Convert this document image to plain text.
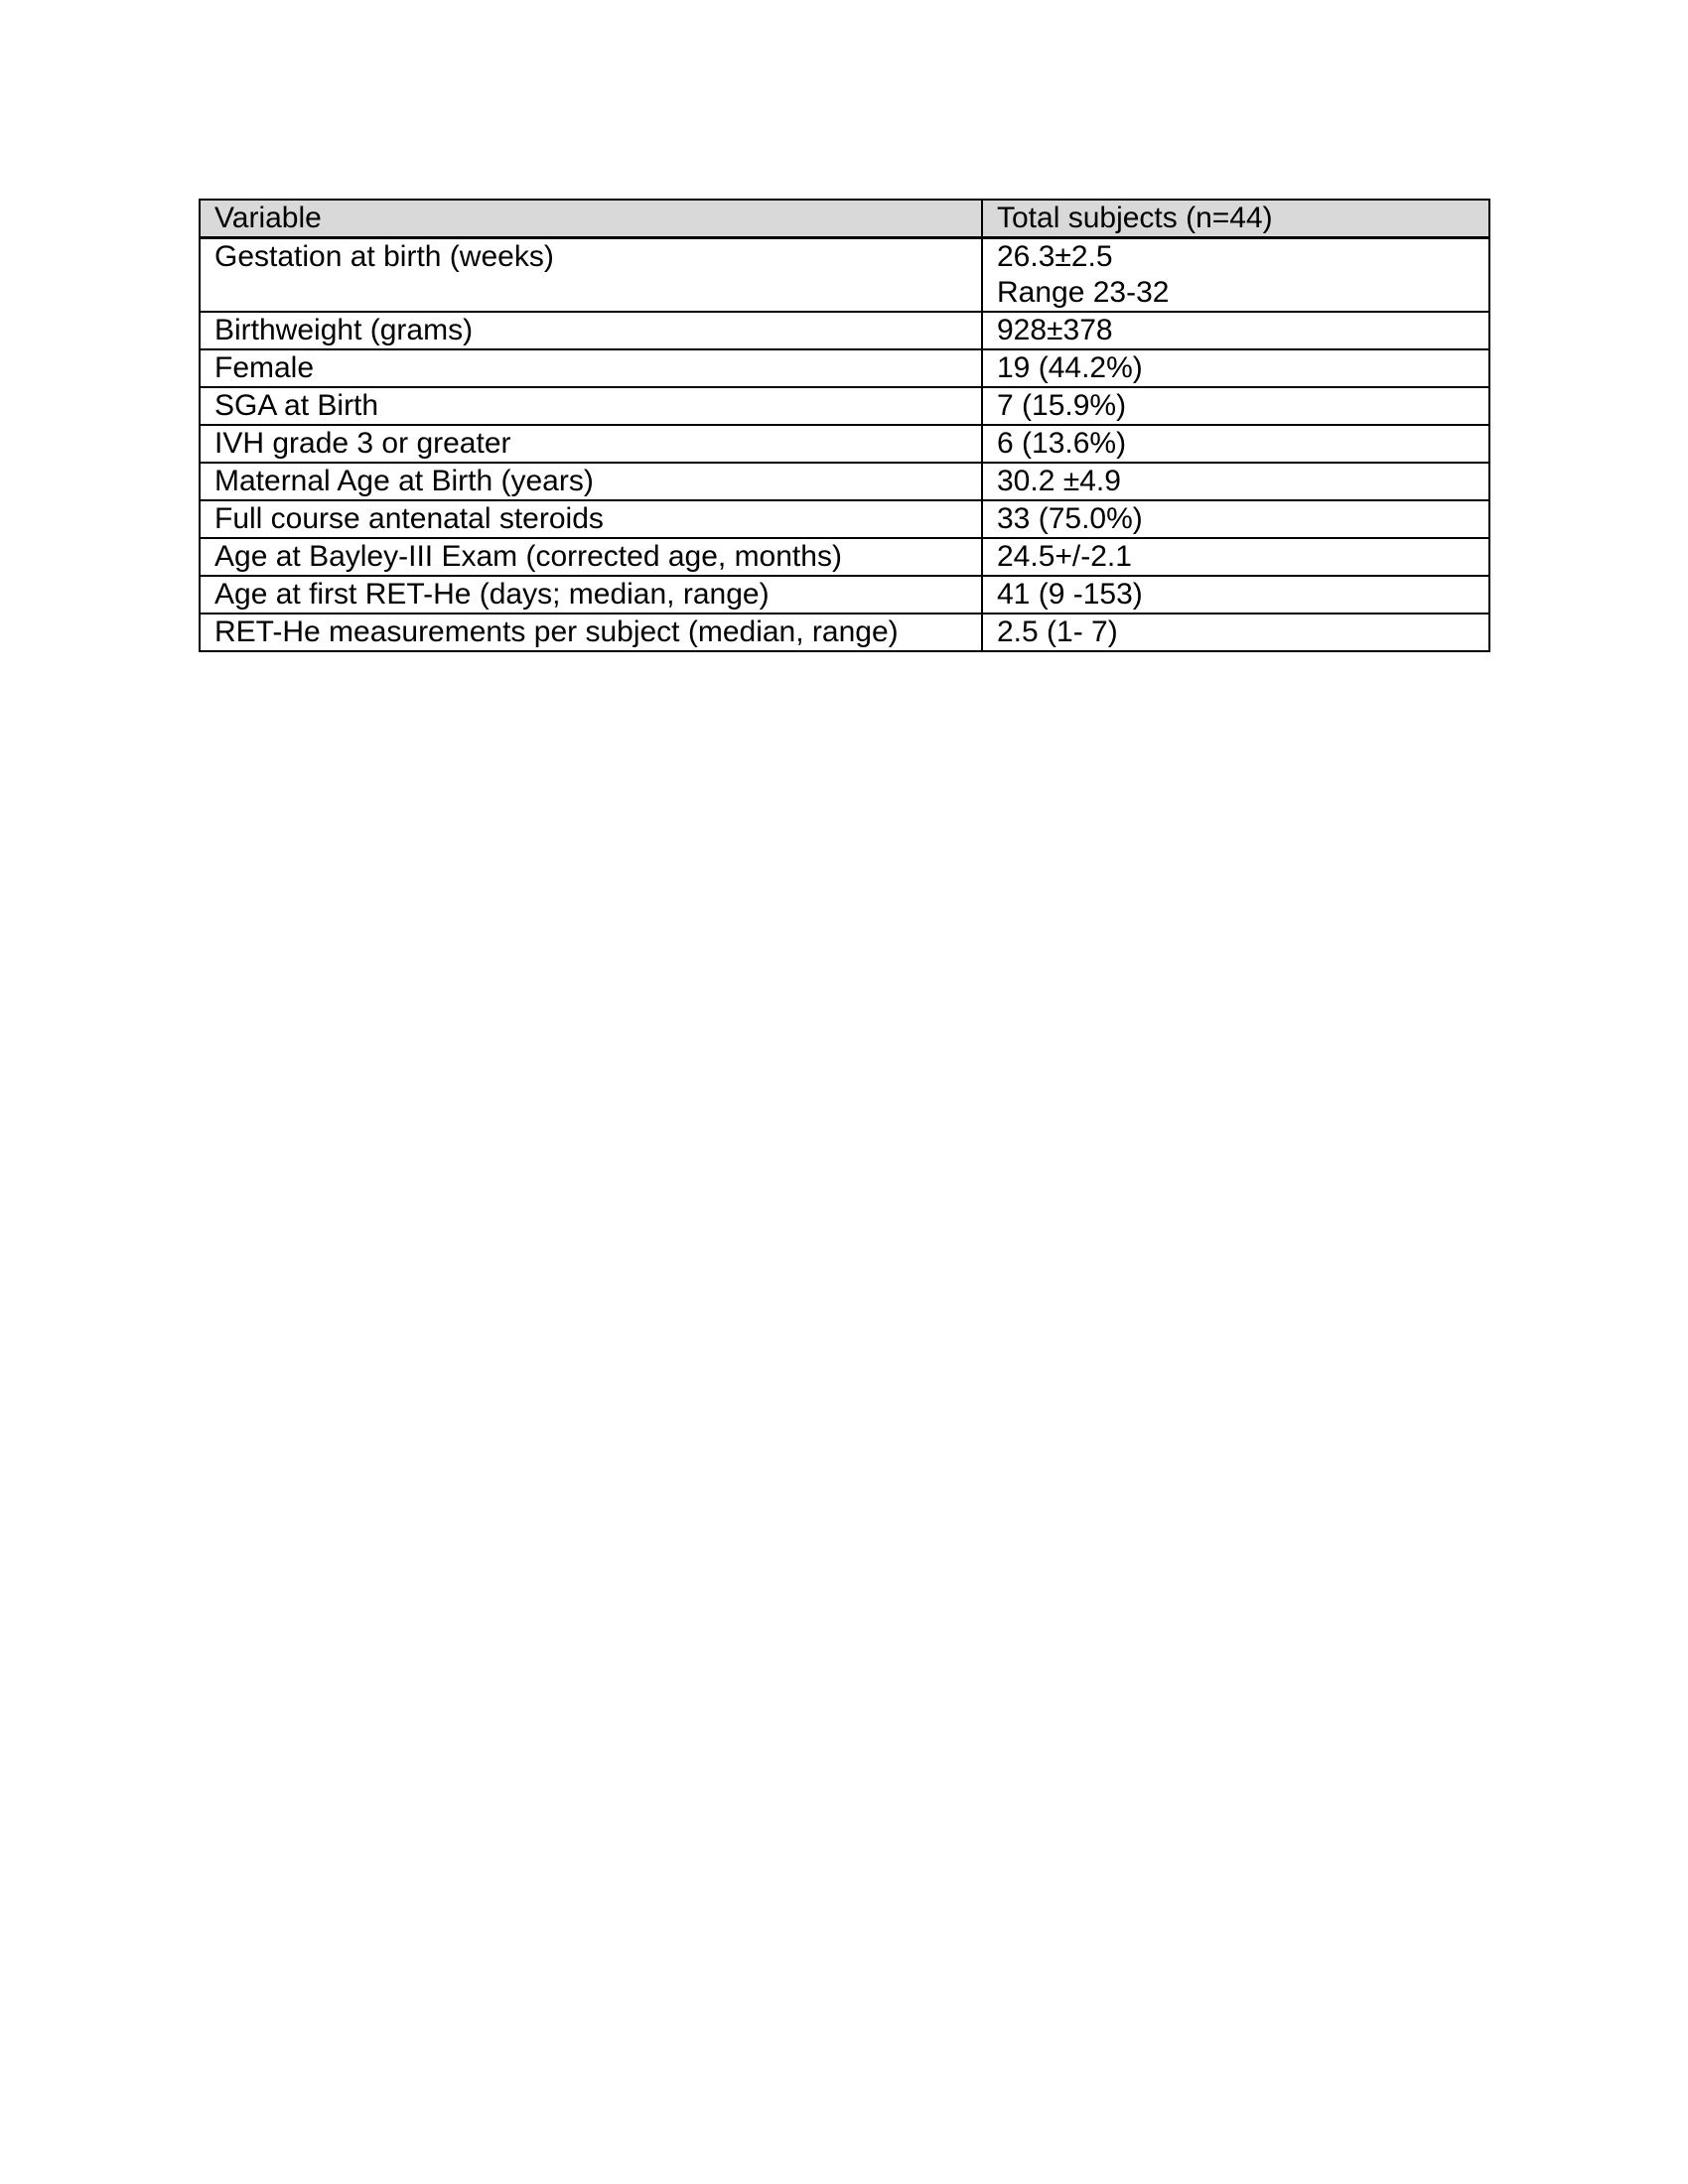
Variable	Total subjects (n=44)
Gestation at birth (weeks)	26.3±2.5
Range 23-32

Birthweight (grams)	928±378
Female	19 (44.2%)
SGA at Birth	7 (15.9%)
IVH grade 3 or greater	6 (13.6%)
Maternal Age at Birth (years)	30.2 ±4.9
Full course antenatal steroids	33 (75.0%)
Age at Bayley-III Exam (corrected age, months)	24.5+/-2.1
Age at first RET-He (days; median, range)	41 (9 -153)
RET-He measurements per subject (median, range)	2.5 (1- 7)
